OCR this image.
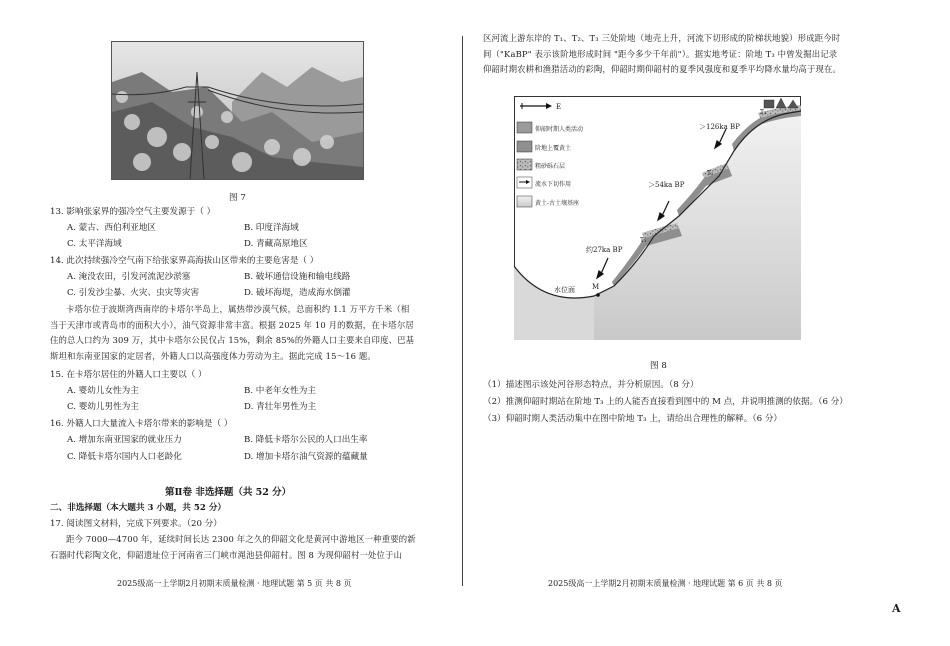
图 7
13. 影响张家界的强冷空气主要发源于（ ）
A. 蒙古、西伯利亚地区	B. 印度洋海域
C. 太平洋海域	D. 青藏高原地区
14. 此次持续强冷空气南下给张家界高海拔山区带来的主要危害是（ ）
A. 淹没农田，引发河流泥沙淤塞	B. 破坏通信设施和输电线路
C. 引发沙尘暴、火灾、虫灾等灾害	D. 破坏海堤，造成海水倒灌
卡塔尔位于波斯湾西南岸的卡塔尔半岛上，属热带沙漠气候，总面积约 1.1 万平方千米（相
当于天津市或青岛市的面积大小），油气资源非常丰富。根据 2025 年 10 月的数据，在卡塔尔居
住的总人口约为 309 万，其中卡塔尔公民仅占 15%，剩余 85%的外籍人口主要来自印度、巴基
斯坦和东南亚国家的定居者，外籍人口以高强度体力劳动为主。据此完成 15～16 题。
15. 在卡塔尔居住的外籍人口主要以（ ）
A. 婴幼儿女性为主	B. 中老年女性为主
C. 婴幼儿男性为主	D. 青壮年男性为主
16. 外籍人口大量流入卡塔尔带来的影响是（ ）
A. 增加东南亚国家的就业压力	B. 降低卡塔尔公民的人口出生率
C. 降低卡塔尔国内人口老龄化	D. 增加卡塔尔油气资源的蕴藏量
第Ⅱ卷 非选择题（共 52 分）
二、非选择题（本大题共 3 小题，共 52 分）
17. 阅读图文材料，完成下列要求。（20 分）
距今 7000—4700 年，延续时间长达 2300 年之久的仰韶文化是黄河中游地区一种重要的新
石器时代彩陶文化，仰韶遗址位于河南省三门峡市渑池县仰韶村。图 8 为现仰韶村一处位于山
2025级高一上学期2月初期末质量检测 · 地理试题 第 5 页 共 8 页
区河流上游东岸的 T₁、T₂、T₃ 三处阶地（地壳上升，河流下切形成的阶梯状地貌）形成距今时
间（"KaBP" 表示该阶地形成时间 "距今多少千年前"）。据实地考证：阶地 T₃ 中曾发掘出记录
仰韶时期农耕和渔猎活动的彩陶，仰韶时期仰韶村的夏季风强度和夏季平均降水量均高于现在。
E
仰韶时期人类活动
阶地上覆黄土
粗砂砾石层
流水下切作用
黄土-古土壤基座
T₃
T₂
T₁
＞126ka BP
＞54ka BP
约27ka BP
水位面 M
图 8
（1）描述图示该处河谷形态特点，并分析原因。（8 分）
（2）推测仰韶时期站在阶地 T₃ 上的人能否直接看到图中的 M 点，并说明推测的依据。（6 分）
（3）仰韶时期人类活动集中在图中阶地 T₃ 上，请给出合理性的解释。（6 分）
2025级高一上学期2月初期末质量检测 · 地理试题 第 6 页 共 8 页
A
